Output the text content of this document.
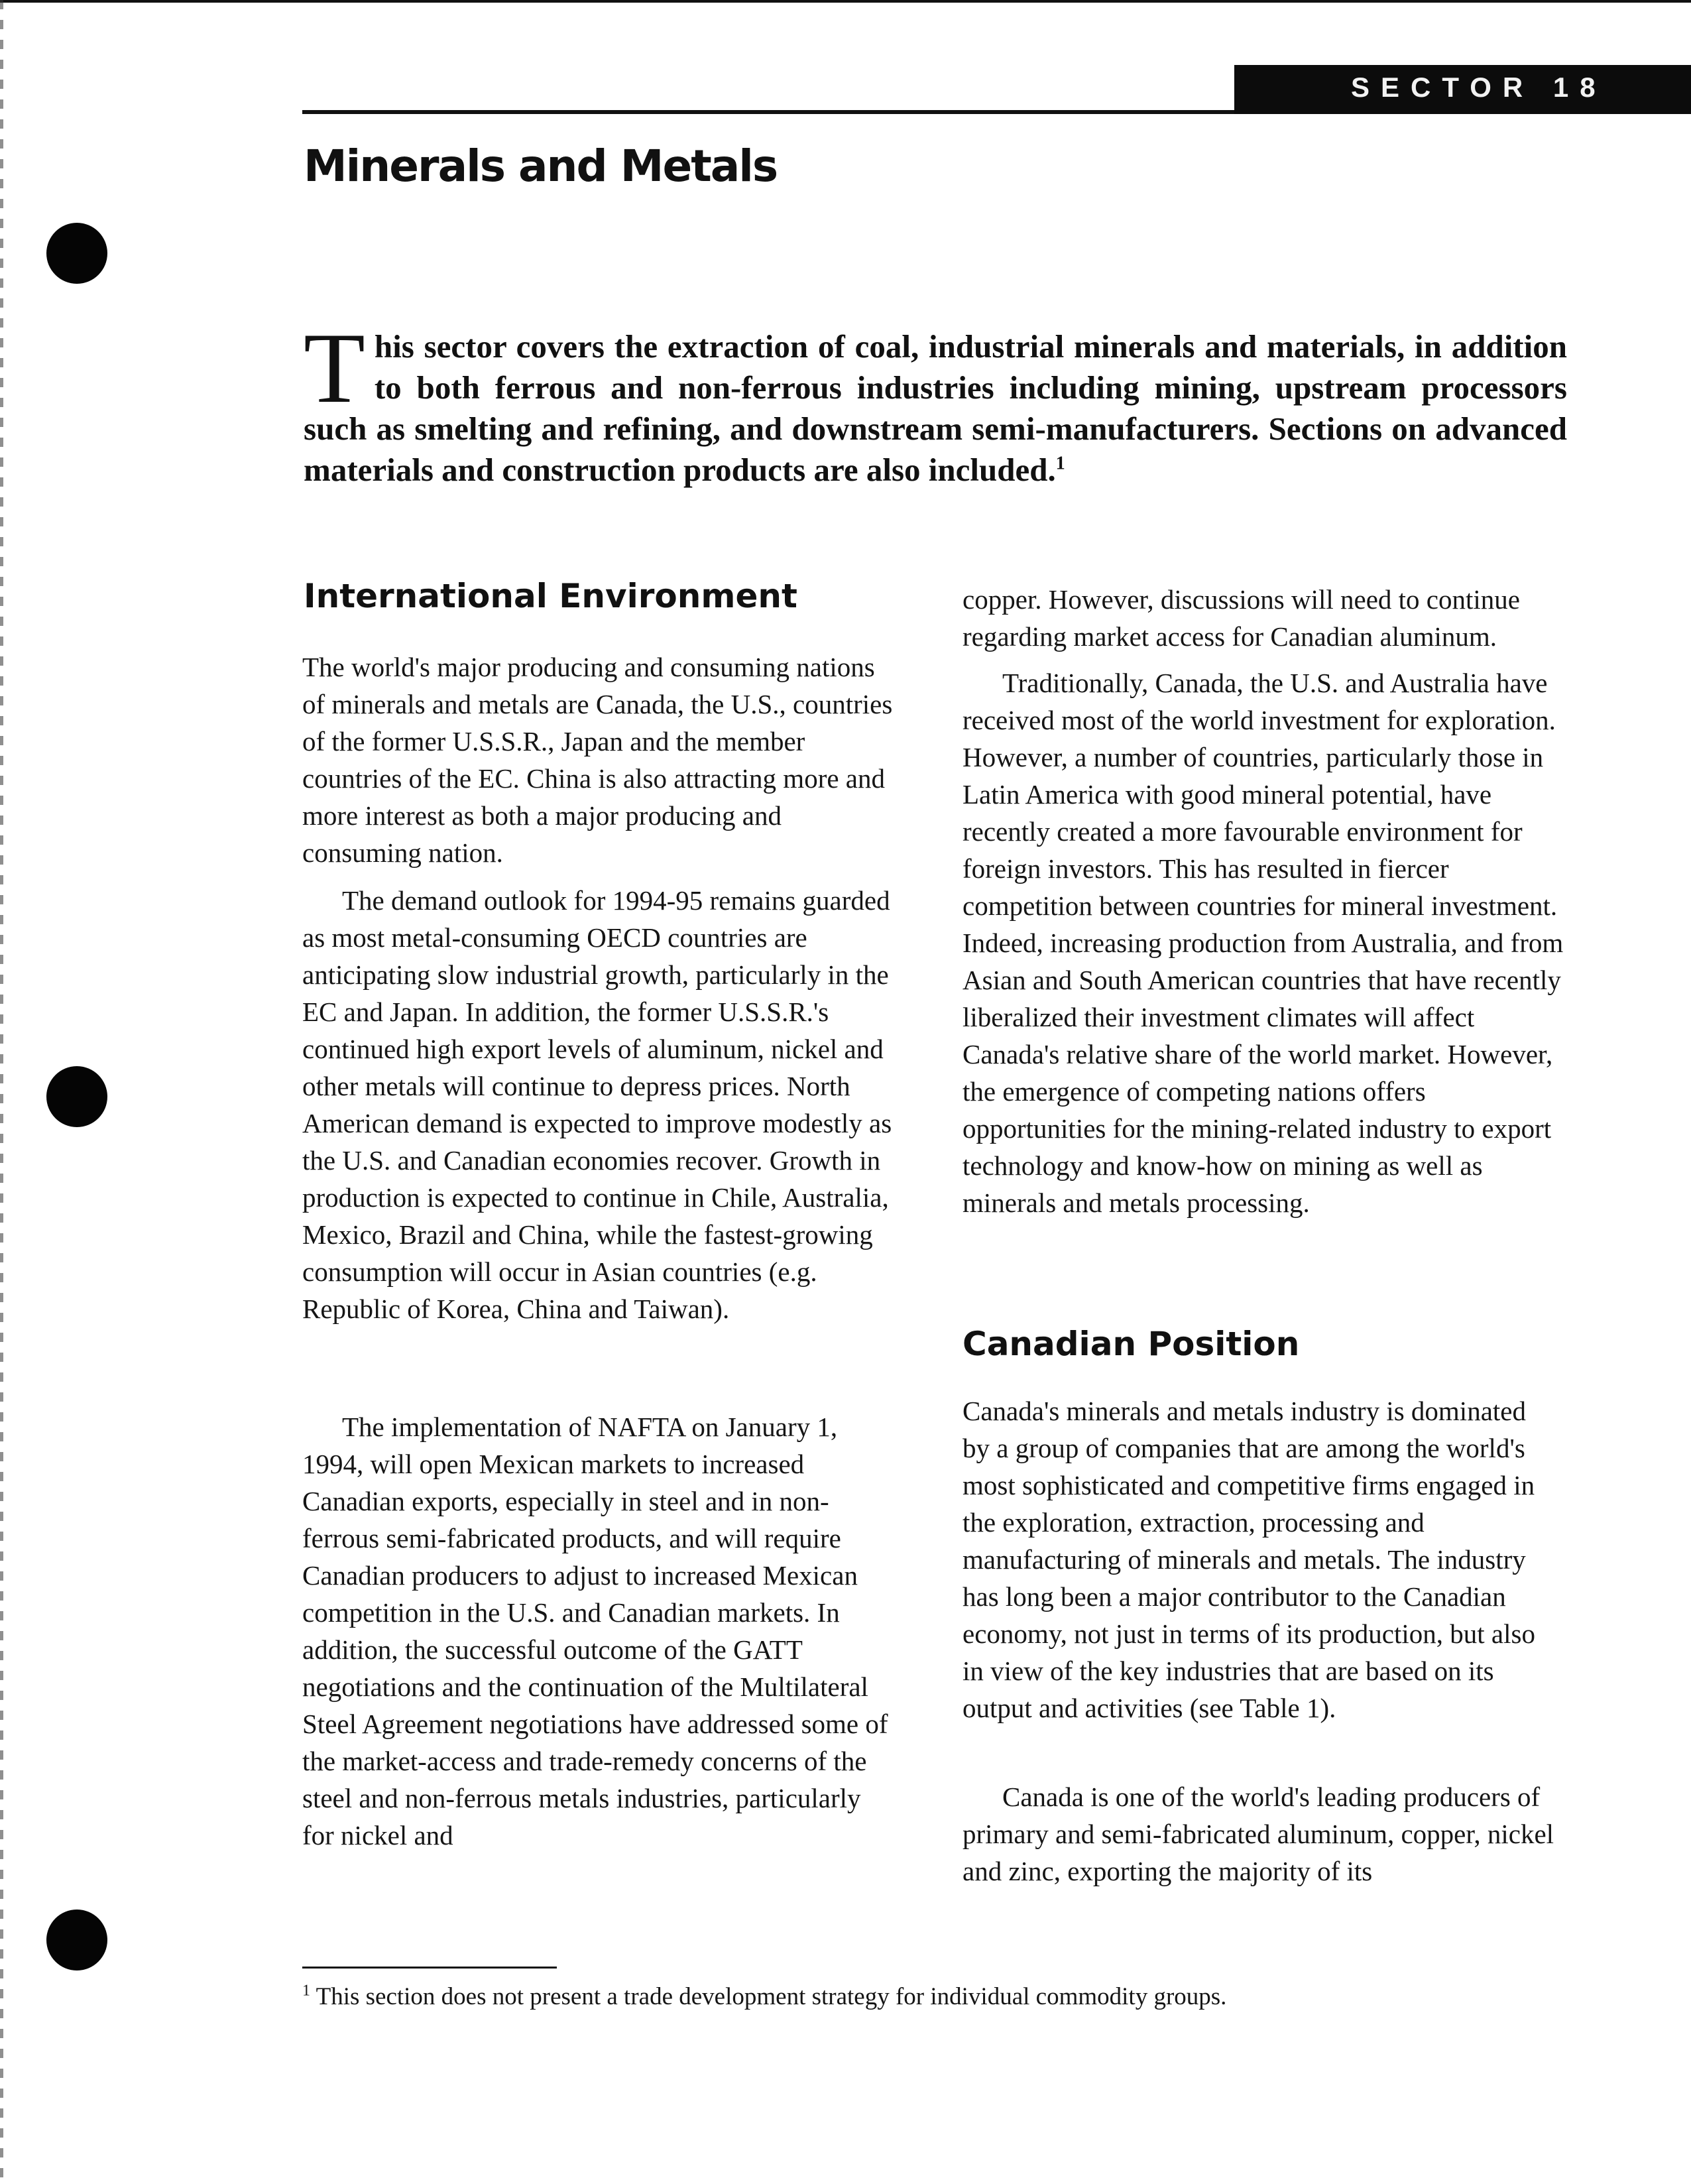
SECTOR 18
Minerals and Metals

This sector covers the extraction of coal, industrial minerals and materials, in addition to both ferrous and non-ferrous industries including mining, upstream processors such as smelting and refining, and downstream semi-manufacturers. Sections on advanced materials and construction products are also included.$^1$

International Environment

The world's major producing and consuming nations of minerals and metals are Canada, the U.S., countries of the former U.S.S.R., Japan and the member countries of the EC. China is also attracting more and more interest as both a major producing and consuming nation.

The demand outlook for 1994-95 remains guarded as most metal-consuming OECD countries are anticipating slow industrial growth, particularly in the EC and Japan. In addition, the former U.S.S.R.'s continued high export levels of aluminum, nickel and other metals will continue to depress prices. North American demand is expected to improve modestly as the U.S. and Canadian economies recover. Growth in production is expected to continue in Chile, Australia, Mexico, Brazil and China, while the fastest-growing consumption will occur in Asian countries (e.g. Republic of Korea, China and Taiwan).

The implementation of NAFTA on January 1, 1994, will open Mexican markets to increased Canadian exports, especially in steel and in non-ferrous semi-fabricated products, and will require Canadian producers to adjust to increased Mexican competition in the U.S. and Canadian markets. In addition, the successful outcome of the GATT negotiations and the continuation of the Multilateral Steel Agreement negotiations have addressed some of the market-access and trade-remedy concerns of the steel and non-ferrous metals industries, particularly for nickel and

copper. However, discussions will need to continue regarding market access for Canadian aluminum.

Traditionally, Canada, the U.S. and Australia have received most of the world investment for exploration. However, a number of countries, particularly those in Latin America with good mineral potential, have recently created a more favourable environment for foreign investors. This has resulted in fiercer competition between countries for mineral investment. Indeed, increasing production from Australia, and from Asian and South American countries that have recently liberalized their investment climates will affect Canada's relative share of the world market. However, the emergence of competing nations offers opportunities for the mining-related industry to export technology and know-how on mining as well as minerals and metals processing.

Canadian Position

Canada's minerals and metals industry is dominated by a group of companies that are among the world's most sophisticated and competitive firms engaged in the exploration, extraction, processing and manufacturing of minerals and metals. The industry has long been a major contributor to the Canadian economy, not just in terms of its production, but also in view of the key industries that are based on its output and activities (see Table 1).

Canada is one of the world's leading producers of primary and semi-fabricated aluminum, copper, nickel and zinc, exporting the majority of its

$^1$ This section does not present a trade development strategy for individual commodity groups.
